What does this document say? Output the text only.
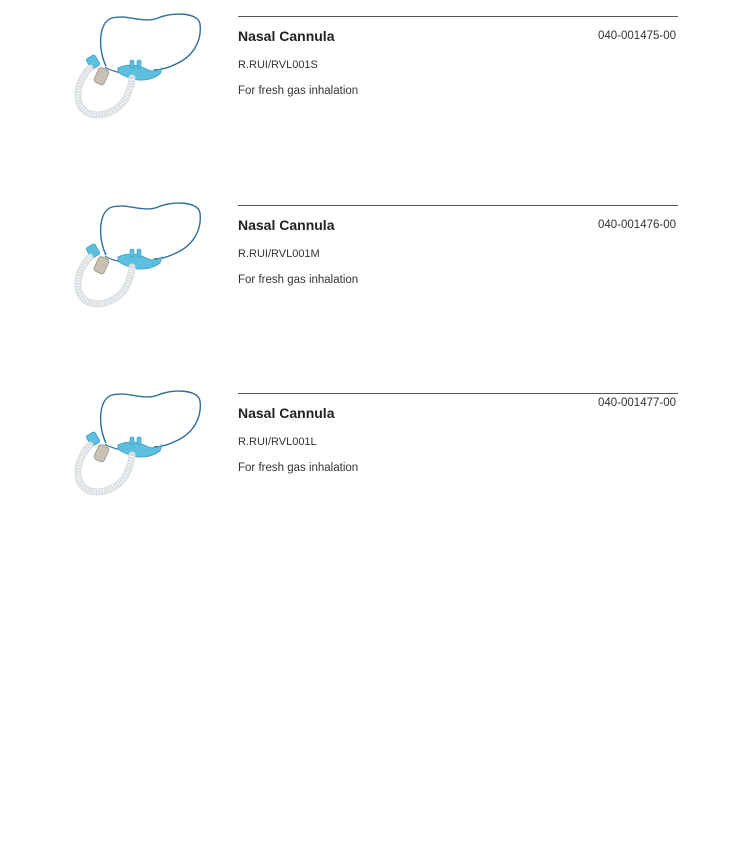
Nasal Cannula	040-001475-00
R.RUI/RVL001S
For fresh gas inhalation
Nasal Cannula	040-001476-00
R.RUI/RVL001M
For fresh gas inhalation
040-001477-00
Nasal Cannula
R.RUI/RVL001L
For fresh gas inhalation
